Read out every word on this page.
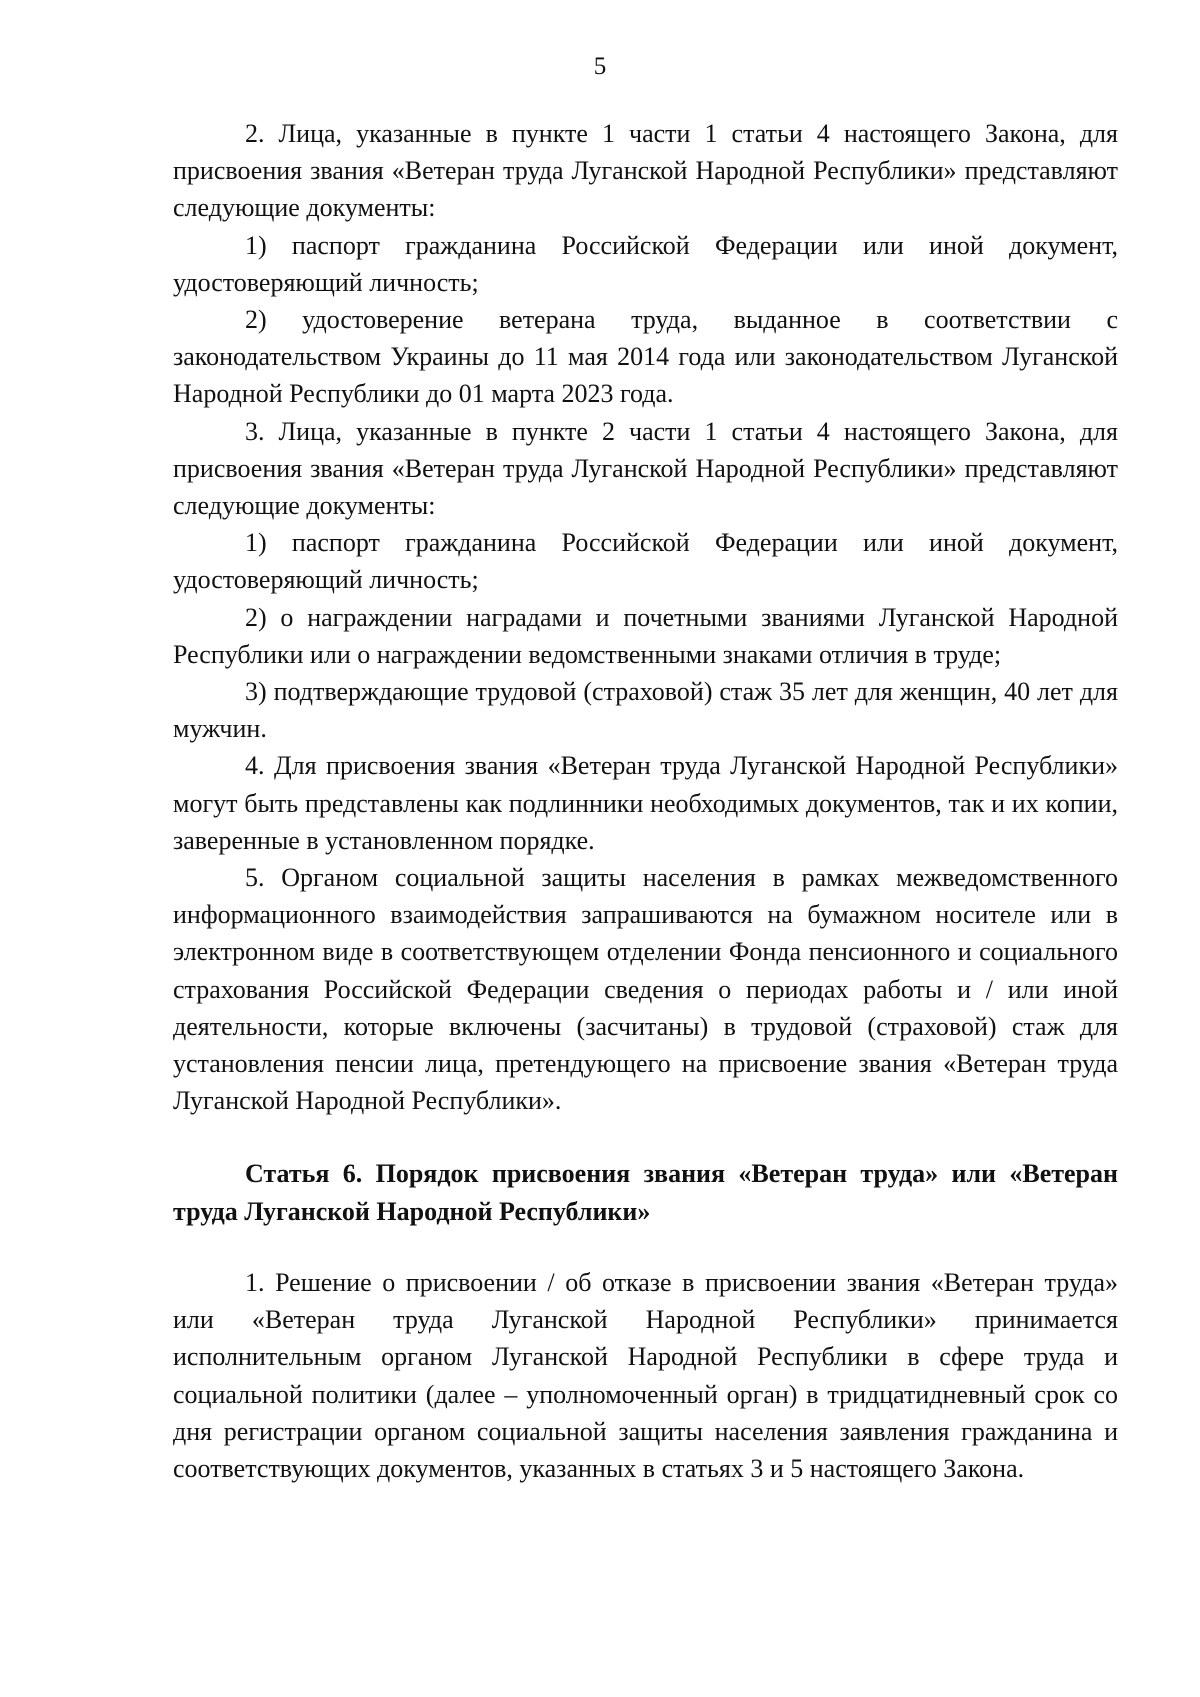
5

2. Лица, указанные в пункте 1 части 1 статьи 4 настоящего Закона, для присвоения звания «Ветеран труда Луганской Народной Республики» представляют следующие документы:

1) паспорт гражданина Российской Федерации или иной документ, удостоверяющий личность;

2) удостоверение ветерана труда, выданное в соответствии с законодательством Украины до 11 мая 2014 года или законодательством Луганской Народной Республики до 01 марта 2023 года.

3. Лица, указанные в пункте 2 части 1 статьи 4 настоящего Закона, для присвоения звания «Ветеран труда Луганской Народной Республики» представляют следующие документы:

1) паспорт гражданина Российской Федерации или иной документ, удостоверяющий личность;

2) о награждении наградами и почетными званиями Луганской Народной Республики или о награждении ведомственными знаками отличия в труде;

3) подтверждающие трудовой (страховой) стаж 35 лет для женщин, 40 лет для мужчин.

4. Для присвоения звания «Ветеран труда Луганской Народной Республики» могут быть представлены как подлинники необходимых документов, так и их копии, заверенные в установленном порядке.

5. Органом социальной защиты населения в рамках межведомственного информационного взаимодействия запрашиваются на бумажном носителе или в электронном виде в соответствующем отделении Фонда пенсионного и социального страхования Российской Федерации сведения о периодах работы и / или иной деятельности, которые включены (засчитаны) в трудовой (страховой) стаж для установления пенсии лица, претендующего на присвоение звания «Ветеран труда Луганской Народной Республики».

Статья 6. Порядок присвоения звания «Ветеран труда» или «Ветеран труда Луганской Народной Республики»

1. Решение о присвоении / об отказе в присвоении звания «Ветеран труда» или «Ветеран труда Луганской Народной Республики» принимается исполнительным органом Луганской Народной Республики в сфере труда и социальной политики (далее – уполномоченный орган) в тридцатидневный срок со дня регистрации органом социальной защиты населения заявления гражданина и соответствующих документов, указанных в статьях 3 и 5 настоящего Закона.
